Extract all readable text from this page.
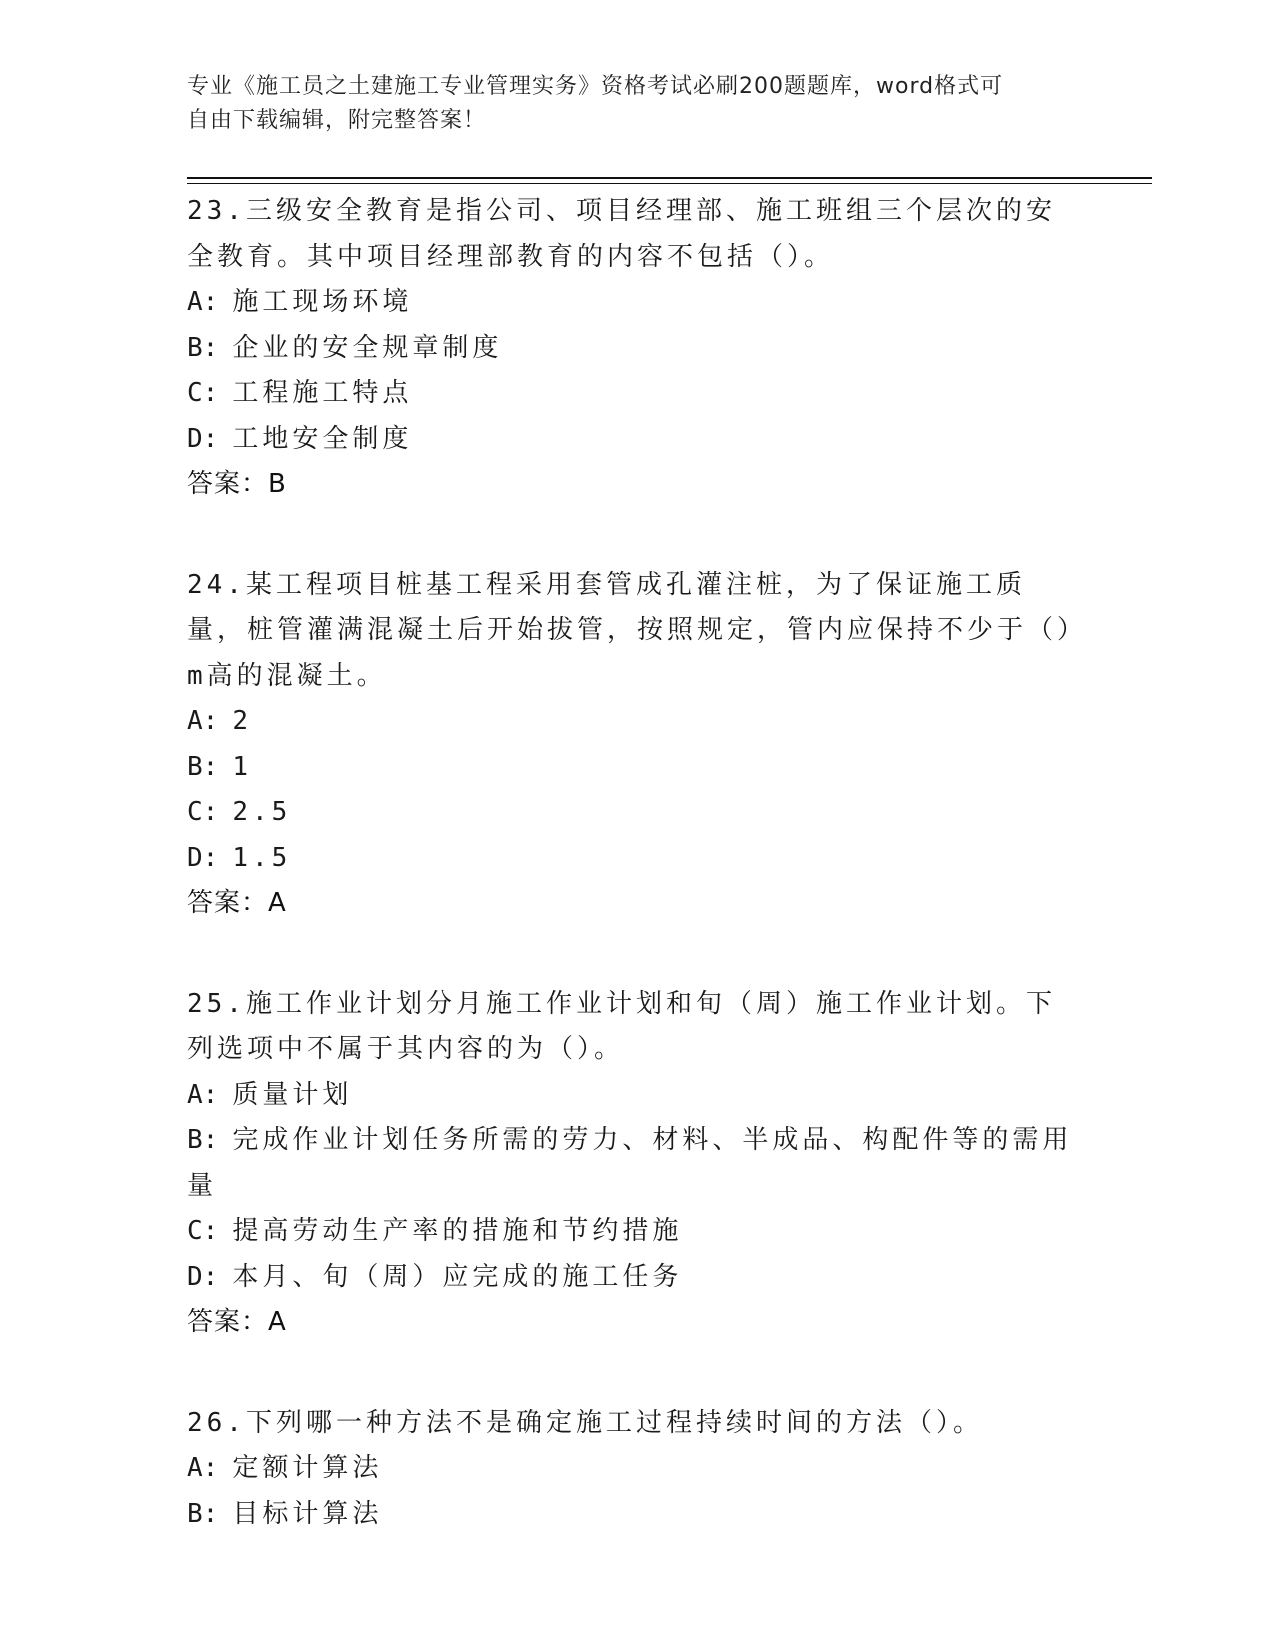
专业《施工员之土建施工专业管理实务》资格考试必刷200题题库，word格式可
自由下载编辑，附完整答案！

23.三级安全教育是指公司、项目经理部、施工班组三个层次的安全教育。其中项目经理部教育的内容不包括（）。

A: 施工现场环境
B: 企业的安全规章制度
C: 工程施工特点
D: 工地安全制度
答案：B

24.某工程项目桩基工程采用套管成孔灌注桩，为了保证施工质量，桩管灌满混凝土后开始拔管，按照规定，管内应保持不少于（）m高的混凝土。

A: 2
B: 1
C: 2.5
D: 1.5
答案：A

25.施工作业计划分月施工作业计划和旬（周）施工作业计划。下列选项中不属于其内容的为（）。

A: 质量计划
B: 完成作业计划任务所需的劳力、材料、半成品、构配件等的需用量
C: 提高劳动生产率的措施和节约措施
D: 本月、旬（周）应完成的施工任务
答案：A

26.下列哪一种方法不是确定施工过程持续时间的方法（）。

A: 定额计算法
B: 目标计算法
